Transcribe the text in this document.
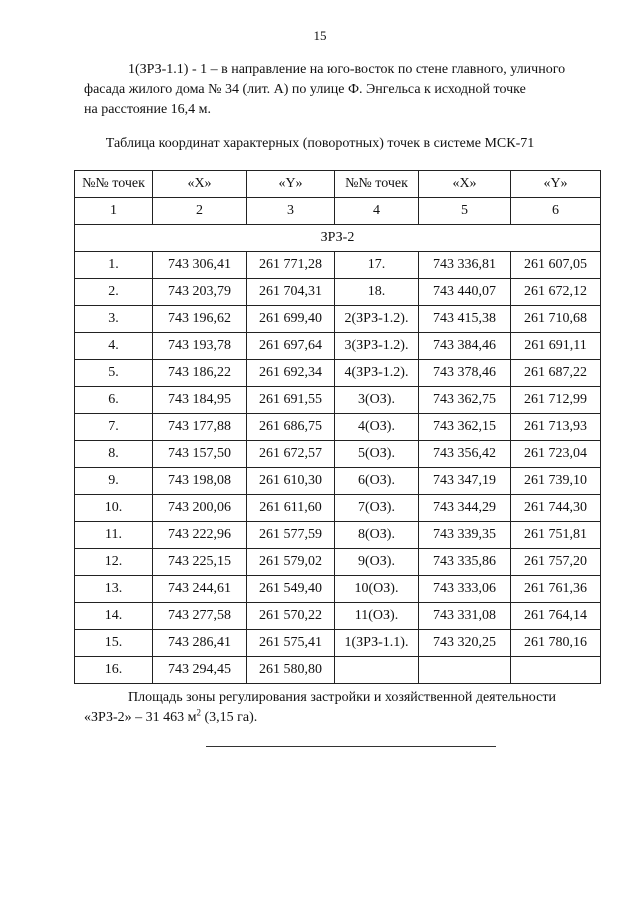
15

1(ЗРЗ-1.1) - 1 – в направление на юго-восток по стене главного, уличного

фасада жилого дома № 34 (лит. А) по улице Ф. Энгельса к исходной точке

на расстояние 16,4 м.

Таблица координат характерных (поворотных) точек в системе МСК-71
№№ точек	«X»	«Y»	№№ точек	«X»	«Y»
1	2	3	4	5	6
ЗРЗ-2					
1.	743 306,41	261 771,28	17.	743 336,81	261 607,05
2.	743 203,79	261 704,31	18.	743 440,07	261 672,12
3.	743 196,62	261 699,40	2(ЗРЗ-1.2).	743 415,38	261 710,68
4.	743 193,78	261 697,64	3(ЗРЗ-1.2).	743 384,46	261 691,11
5.	743 186,22	261 692,34	4(ЗРЗ-1.2).	743 378,46	261 687,22
6.	743 184,95	261 691,55	3(ОЗ).	743 362,75	261 712,99
7.	743 177,88	261 686,75	4(ОЗ).	743 362,15	261 713,93
8.	743 157,50	261 672,57	5(ОЗ).	743 356,42	261 723,04
9.	743 198,08	261 610,30	6(ОЗ).	743 347,19	261 739,10
10.	743 200,06	261 611,60	7(ОЗ).	743 344,29	261 744,30
11.	743 222,96	261 577,59	8(ОЗ).	743 339,35	261 751,81
12.	743 225,15	261 579,02	9(ОЗ).	743 335,86	261 757,20
13.	743 244,61	261 549,40	10(ОЗ).	743 333,06	261 761,36
14.	743 277,58	261 570,22	11(ОЗ).	743 331,08	261 764,14
15.	743 286,41	261 575,41	1(ЗРЗ-1.1).	743 320,25	261 780,16
16.	743 294,45	261 580,80			

Площадь зоны регулирования застройки и хозяйственной деятельности

«ЗРЗ-2» – 31 463 $м^2$ (3,15 га).
